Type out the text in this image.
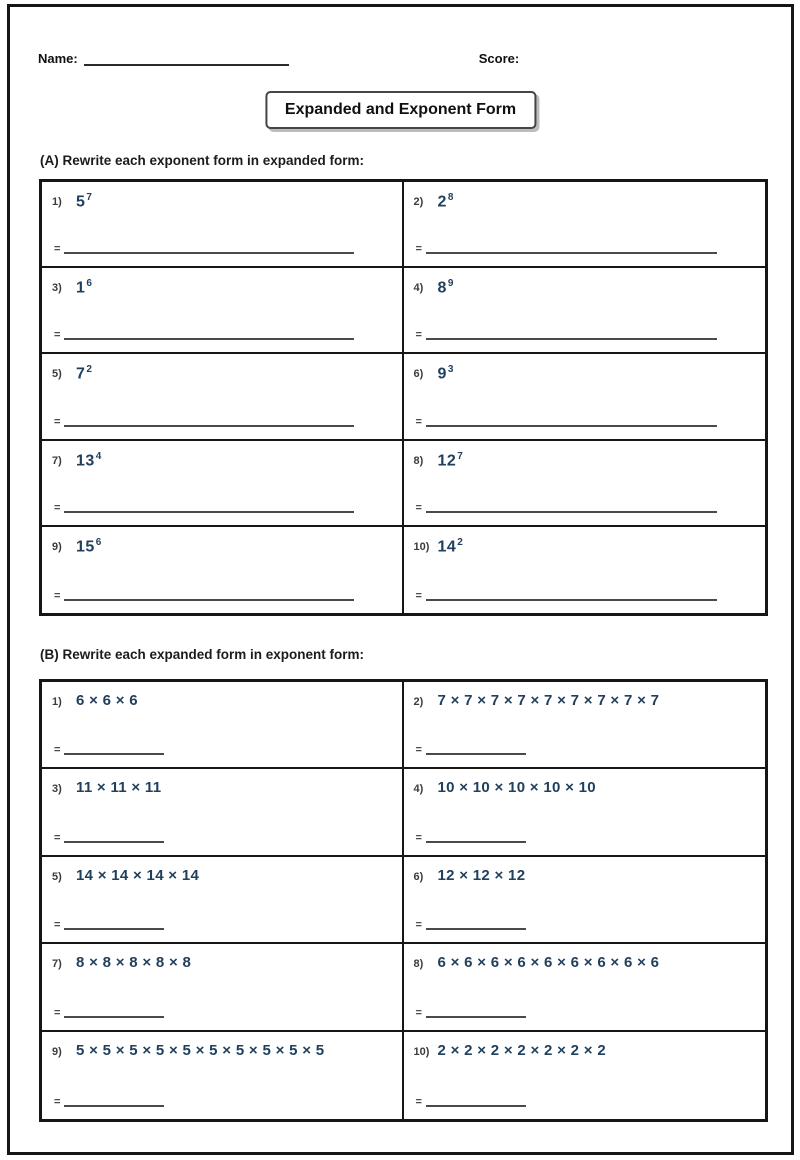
Name:	Score:
Expanded and Exponent Form
(A) Rewrite each exponent form in expanded form:
1) $5^7$
=
2) $2^8$
=
3) $1^6$
=
4) $8^9$
=
5) $7^2$
=
6) $9^3$
=
7) $13^4$
=
8) $12^7$
=
9) $15^6$
=
10) $14^2$
=
(B) Rewrite each expanded form in exponent form:
1) 6 × 6 × 6
=
2) 7 × 7 × 7 × 7 × 7 × 7 × 7 × 7 × 7
=
3) 11 × 11 × 11
=
4) 10 × 10 × 10 × 10 × 10
=
5) 14 × 14 × 14 × 14
=
6) 12 × 12 × 12
=
7) 8 × 8 × 8 × 8 × 8
=
8) 6 × 6 × 6 × 6 × 6 × 6 × 6 × 6 × 6
=
9) 5 × 5 × 5 × 5 × 5 × 5 × 5 × 5 × 5 × 5
=
10) 2 × 2 × 2 × 2 × 2 × 2 × 2
=
